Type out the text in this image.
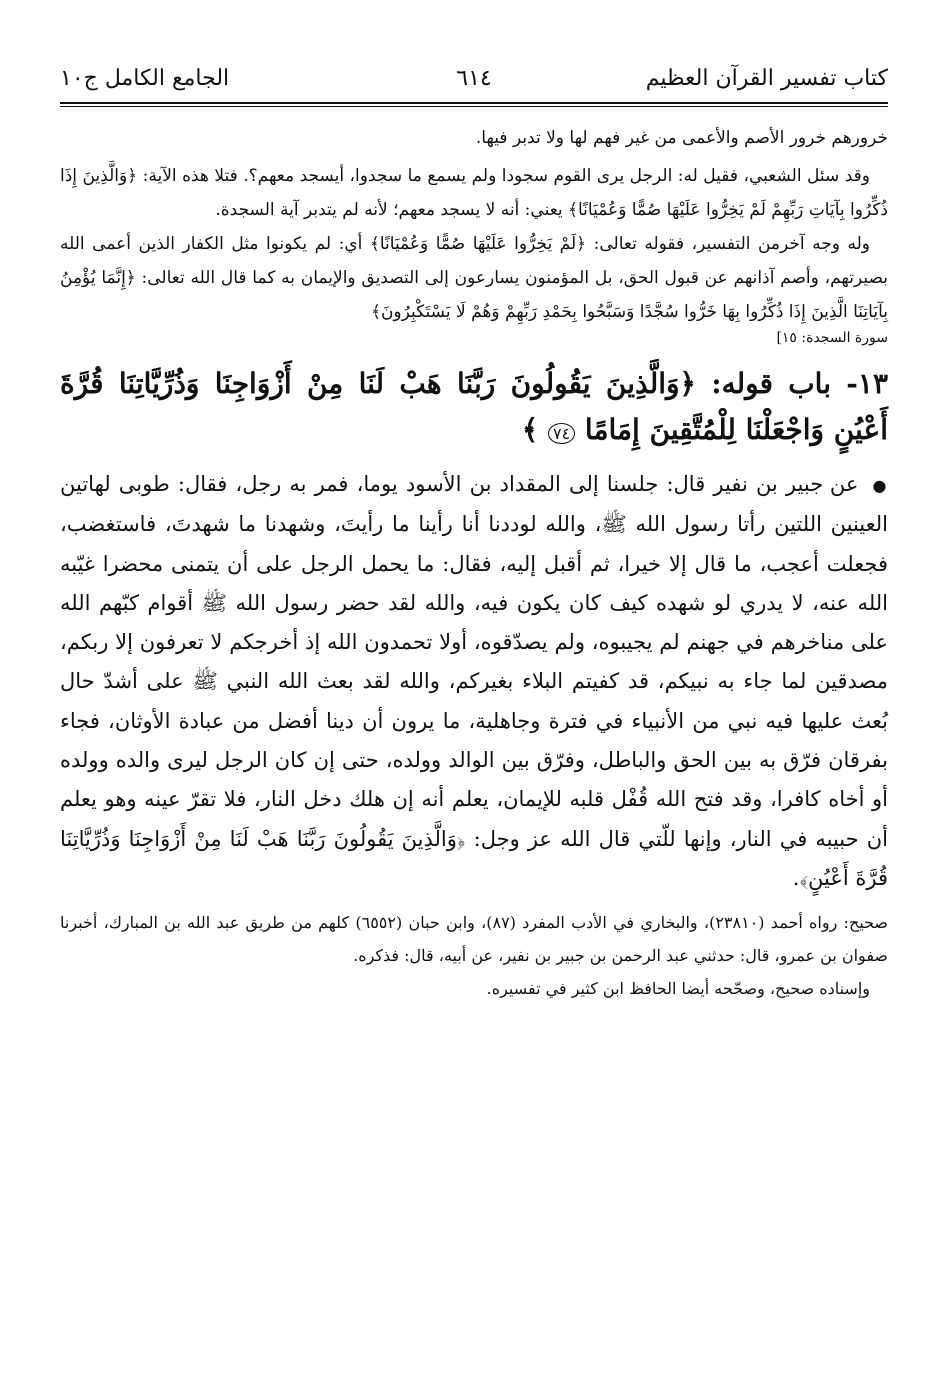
كتاب تفسير القرآن العظيم
٦١٤
الجامع الكامل ج١٠

خرورهم خرور الأصم والأعمى من غير فهم لها ولا تدبر فيها.

وقد سئل الشعبي، فقيل له: الرجل يرى القوم سجودا ولم يسمع ما سجدوا، أيسجد معهم؟. فتلا هذه الآية: ﴿وَالَّذِينَ إِذَا ذُكِّرُوا بِآيَاتِ رَبِّهِمْ لَمْ يَخِرُّوا عَلَيْهَا صُمًّا وَعُمْيَانًا﴾ يعني: أنه لا يسجد معهم؛ لأنه لم يتدبر آية السجدة.

وله وجه آخرمن التفسير، فقوله تعالى: ﴿لَمْ يَخِرُّوا عَلَيْهَا صُمًّا وَعُمْيَانًا﴾ أي: لم يكونوا مثل الكفار الذين أعمى الله بصيرتهم، وأصم آذانهم عن قبول الحق، بل المؤمنون يسارعون إلى التصديق والإيمان به كما قال الله تعالى: ﴿إِنَّمَا يُؤْمِنُ بِآيَاتِنَا الَّذِينَ إِذَا ذُكِّرُوا بِهَا خَرُّوا سُجَّدًا وَسَبَّحُوا بِحَمْدِ رَبِّهِمْ وَهُمْ لَا يَسْتَكْبِرُونَ﴾

سورة السجدة: ١٥]
١٣- باب قوله: ﴿وَالَّذِينَ يَقُولُونَ رَبَّنَا هَبْ لَنَا مِنْ أَزْوَاجِنَا وَذُرِّيَّاتِنَا قُرَّةَ أَعْيُنٍ وَاجْعَلْنَا لِلْمُتَّقِينَ إِمَامًا ٧٤ ﴾

● عن جبير بن نفير قال: جلسنا إلى المقداد بن الأسود يوما، فمر به رجل، فقال: طوبى لهاتين العينين اللتين رأتا رسول الله ﷺ، والله لوددنا أنا رأينا ما رأيتَ، وشهدنا ما شهدتَ، فاستغضب، فجعلت أعجب، ما قال إلا خيرا، ثم أقبل إليه، فقال: ما يحمل الرجل على أن يتمنى محضرا غيّبه الله عنه، لا يدري لو شهده كيف كان يكون فيه، والله لقد حضر رسول الله ﷺ أقوام كبّهم الله على مناخرهم في جهنم لم يجيبوه، ولم يصدّقوه، أولا تحمدون الله إذ أخرجكم لا تعرفون إلا ربكم، مصدقين لما جاء به نبيكم، قد كفيتم البلاء بغيركم، والله لقد بعث الله النبي ﷺ على أشدّ حال بُعث عليها فيه نبي من الأنبياء في فترة وجاهلية، ما يرون أن دينا أفضل من عبادة الأوثان، فجاء بفرقان فرّق به بين الحق والباطل، وفرّق بين الوالد وولده، حتى إن كان الرجل ليرى والده وولده أو أخاه كافرا، وقد فتح الله قُفْل قلبه للإيمان، يعلم أنه إن هلك دخل النار، فلا تقرّ عينه وهو يعلم أن حبيبه في النار، وإنها للّتي قال الله عز وجل: ﴿وَالَّذِينَ يَقُولُونَ رَبَّنَا هَبْ لَنَا مِنْ أَزْوَاجِنَا وَذُرِّيَّاتِنَا قُرَّةَ أَعْيُنٍ﴾.

صحيح: رواه أحمد (٢٣٨١٠)، والبخاري في الأدب المفرد (٨٧)، وابن حبان (٦٥٥٢) كلهم من طريق عبد الله بن المبارك، أخبرنا صفوان بن عمرو، قال: حدثني عبد الرحمن بن جبير بن نفير، عن أبيه، قال: فذكره.

وإسناده صحيح، وصحّحه أيضا الحافظ ابن كثير في تفسيره.
